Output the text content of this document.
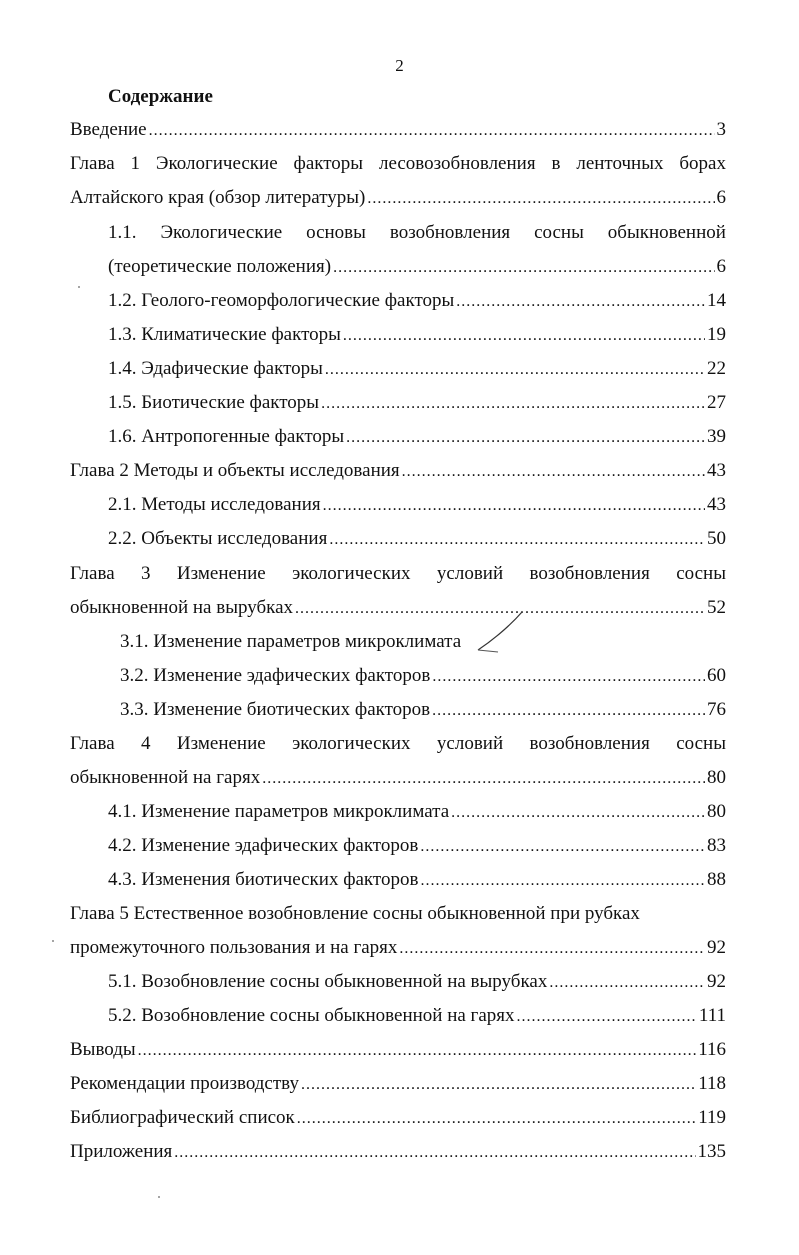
2
Содержание
Введение .....	3
Глава 1 Экологические факторы лесовозобновления в ленточных борах
Алтайского края (обзор литературы) .....	6
1.1. Экологические основы возобновления сосны обыкновенной
(теоретические положения) .....	6
1.2. Геолого-геоморфологические факторы .....	14
1.3. Климатические факторы .....	19
1.4. Эдафические факторы .....	22
1.5. Биотические факторы .....	27
1.6. Антропогенные факторы .....	39
Глава 2 Методы и объекты исследования .....	43
2.1. Методы исследования .....	43
2.2. Объекты исследования .....	50
Глава 3 Изменение экологических условий возобновления сосны
обыкновенной на вырубках .....	52
3.1. Изменение параметров микроклимата
3.2. Изменение эдафических факторов .....	60
3.3. Изменение биотических факторов .....	76
Глава 4 Изменение экологических условий возобновления сосны
обыкновенной на гарях .....	80
4.1. Изменение параметров микроклимата .....	80
4.2. Изменение эдафических факторов .....	83
4.3. Изменения биотических факторов .....	88
Глава 5 Естественное возобновление сосны обыкновенной при рубках
промежуточного пользования и на гарях .....	92
5.1. Возобновление сосны обыкновенной на вырубках .....	92
5.2. Возобновление сосны обыкновенной на гарях .....	111
Выводы .....	116
Рекомендации производству .....	118
Библиографический список .....	119
Приложения .....	135
